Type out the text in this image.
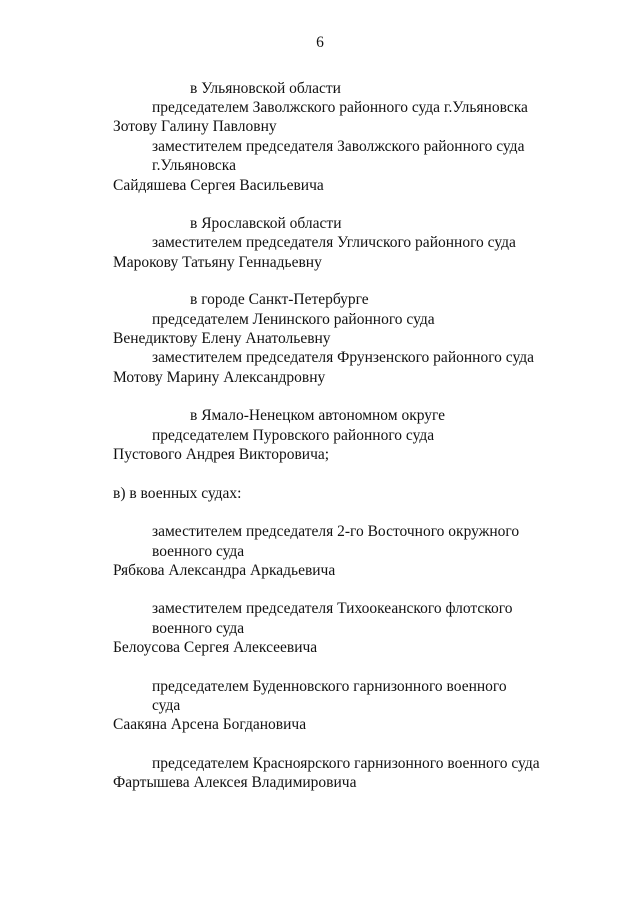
6
в Ульяновской области
председателем Заволжского районного суда г.Ульяновска
Зотову Галину Павловну
заместителем председателя Заволжского районного суда
г.Ульяновска
Сайдяшева Сергея Васильевича
в Ярославской области
заместителем председателя Угличского районного суда
Марокову Татьяну Геннадьевну
в городе Санкт-Петербурге
председателем Ленинского районного суда
Венедиктову Елену Анатольевну
заместителем председателя Фрунзенского районного суда
Мотову Марину Александровну
в Ямало-Ненецком автономном округе
председателем Пуровского районного суда
Пустового Андрея Викторовича;
в) в военных судах:
заместителем председателя 2-го Восточного окружного
военного суда
Рябкова Александра Аркадьевича
заместителем председателя Тихоокеанского флотского
военного суда
Белоусова Сергея Алексеевича
председателем Буденновского гарнизонного военного
суда
Саакяна Арсена Богдановича
председателем Красноярского гарнизонного военного суда
Фартышева Алексея Владимировича
